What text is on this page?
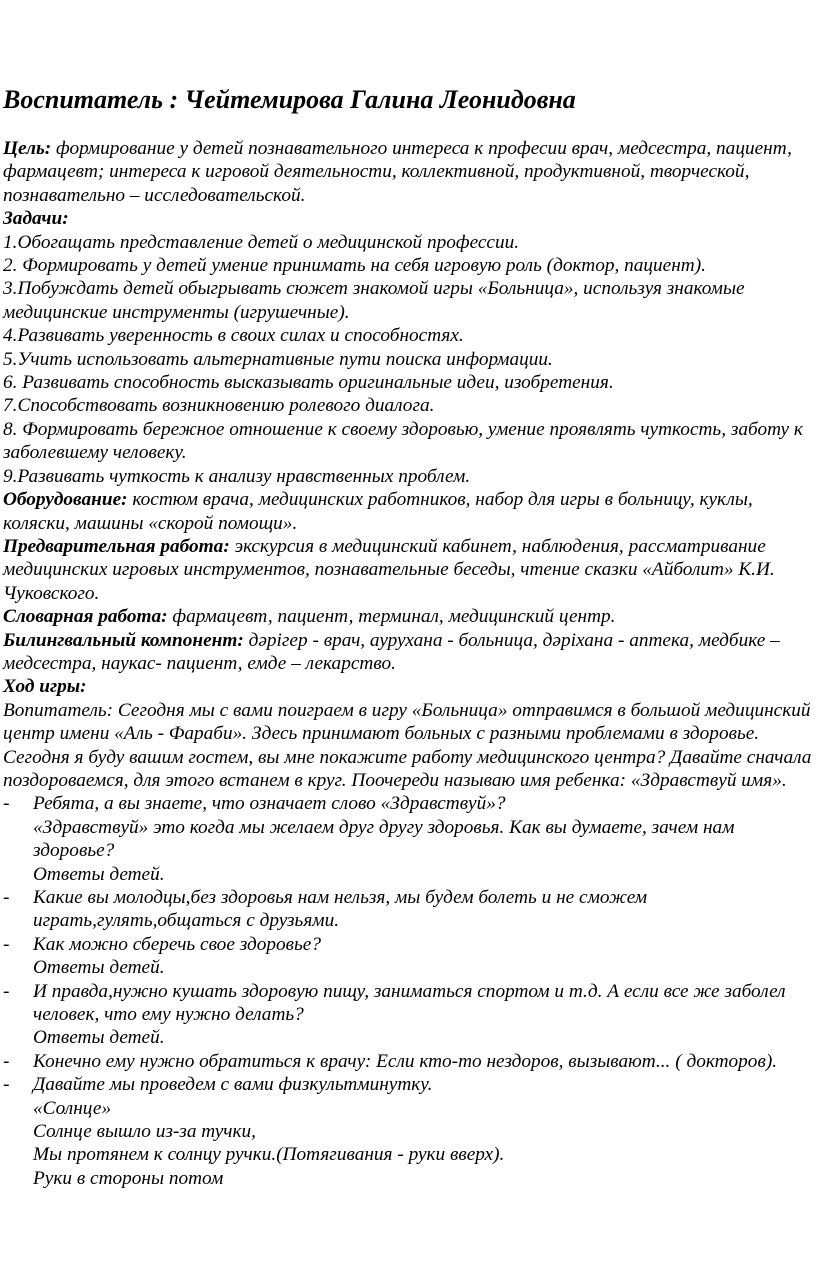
Воспитатель : Чейтемирова Галина Леонидовна

Цель: формирование у детей познавательного интереса к професии врач, медсестра, пациент, фармацевт; интереса к игровой деятельности, коллективной, продуктивной, творческой, познавательно – исследовательской.

Задачи:

1.Обогащать представление детей о медицинской профессии.

2. Формировать у детей умение принимать на себя игровую роль (доктор, пациент).

3.Побуждать детей обыгрывать сюжет знакомой игры «Больница», используя знакомые медицинские инструменты (игрушечные).

4.Развивать уверенность в своих силах и способностях.

5.Учить использовать альтернативные пути поиска информации.

6. Развивать способность высказывать оригинальные идеи, изобретения.

7.Способствовать возникновению ролевого диалога.

8. Формировать бережное отношение к своему здоровью, умение проявлять чуткость, заботу к заболевшему человеку.

9.Развивать чуткость к анализу нравственных проблем.

Оборудование: костюм врача, медицинских работников, набор для игры в больницу, куклы, коляски, машины «скорой помощи».

Предварительная работа: экскурсия в медицинский кабинет, наблюдения, рассматривание медицинских игровых инструментов, познавательные беседы, чтение сказки «Айболит» К.И. Чуковского.

Словарная работа: фармацевт, пациент, терминал, медицинский центр.

Билингвальный компонент: дәрігер - врач, аурухана - больница, дәріхана - аптека, медбике – медсестра, наукас- пациент, емде – лекарство.

Ход игры:

Вопитатель: Сегодня мы с вами поиграем в игру «Больница» отправимся в большой медицинский центр имени «Аль - Фараби». Здесь принимают больных с разными проблемами в здоровье. Сегодня я буду вашим гостем, вы мне покажите работу медицинского центра? Давайте сначала поздороваемся, для этого встанем в круг. Поочереди называю имя ребенка: «Здравствуй имя».

-	Ребята, а вы знаете, что означает слово «Здравствуй»?
«Здравствуй» это когда мы желаем друг другу здоровья. Как вы думаете, зачем нам здоровье?
Ответы детей.
-	Какие вы молодцы,без здоровья нам нельзя, мы будем болеть и не сможем играть,гулять,общаться с друзьями.
-	Как можно сберечь свое здоровье?
Ответы детей.
-	И правда,нужно кушать здоровую пищу, заниматься спортом и т.д. А если все же заболел человек, что ему нужно делать?
Ответы детей.
-	Конечно ему нужно обратиться к врачу: Если кто-то нездоров, вызывают... ( докторов).
-	Давайте мы проведем с вами физкультминутку.
«Солнце»
Солнце вышло из-за тучки,
Мы протянем к солнцу ручки.(Потягивания - руки вверх).
Руки в стороны потом
